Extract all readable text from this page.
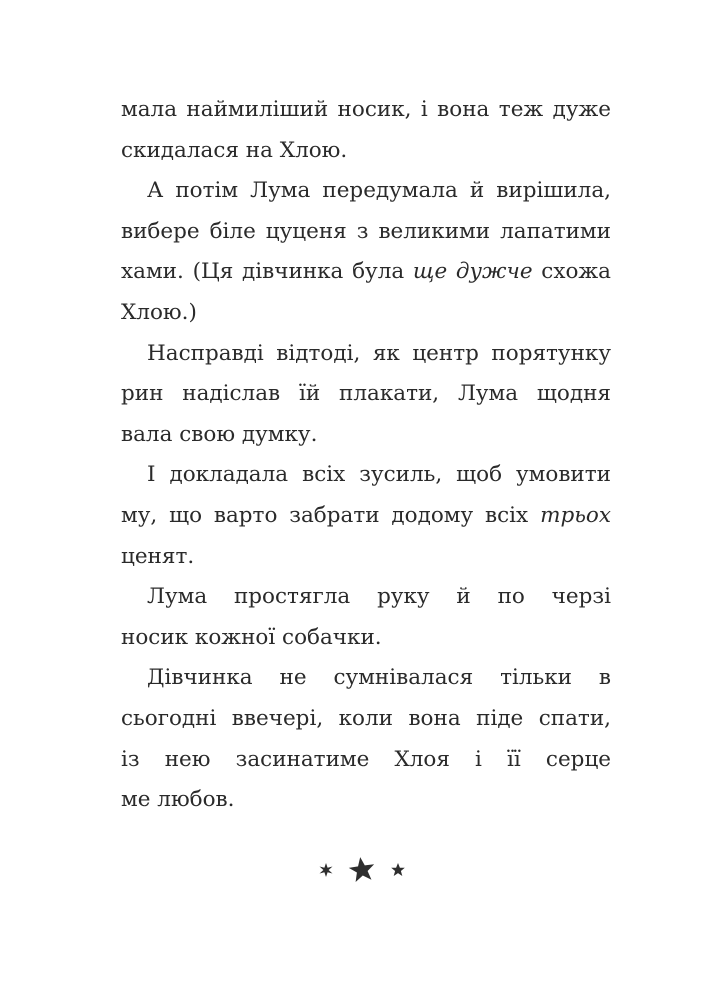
мала наймиліший носик, і вона теж дуже
скидалася на Хлою.

А потім Лума передумала й вирішила,
вибере біле цуценя з великими лапатими
хами. (Ця дівчинка була ще дужче схожа
Хлою.)

Насправді відтоді, як центр порятунку
рин надіслав їй плакати, Лума щодня
вала свою думку.

І докладала всіх зусиль, щоб умовити
му, що варто забрати додому всіх трьох
ценят.

Лума простягла руку й по черзі
носик кожної собачки.

Дівчинка не сумнівалася тільки в
сьогодні ввечері, коли вона піде спати,
із нею засинатиме Хлоя і її серце
ме любов.
